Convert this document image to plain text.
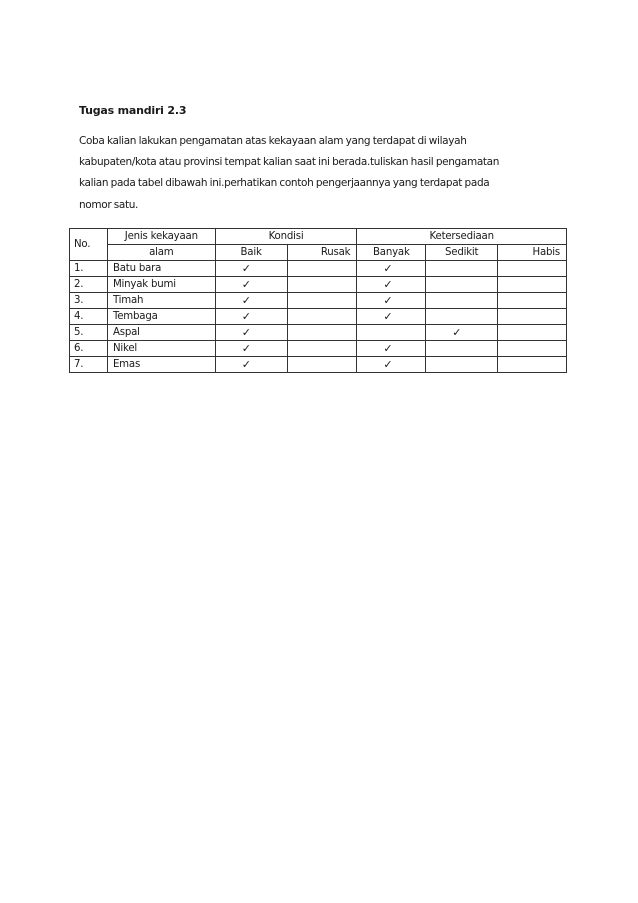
Tugas mandiri 2.3
Coba kalian lakukan pengamatan atas kekayaan alam yang terdapat di wilayah
kabupaten/kota atau provinsi tempat kalian saat ini berada.tuliskan hasil pengamatan
kalian pada tabel dibawah ini.perhatikan contoh pengerjaannya yang terdapat pada
nomor satu.
No.	Jenis kekayaan	Kondisi		Ketersediaan		
	alam	Baik	Rusak	Banyak	Sedikit	Habis
1.	Batu bara	✓		✓		
2.	Minyak bumi	✓		✓		
3.	Timah	✓		✓		
4.	Tembaga	✓		✓		
5.	Aspal	✓			✓	
6.	Nikel	✓		✓		
7.	Emas	✓		✓		
